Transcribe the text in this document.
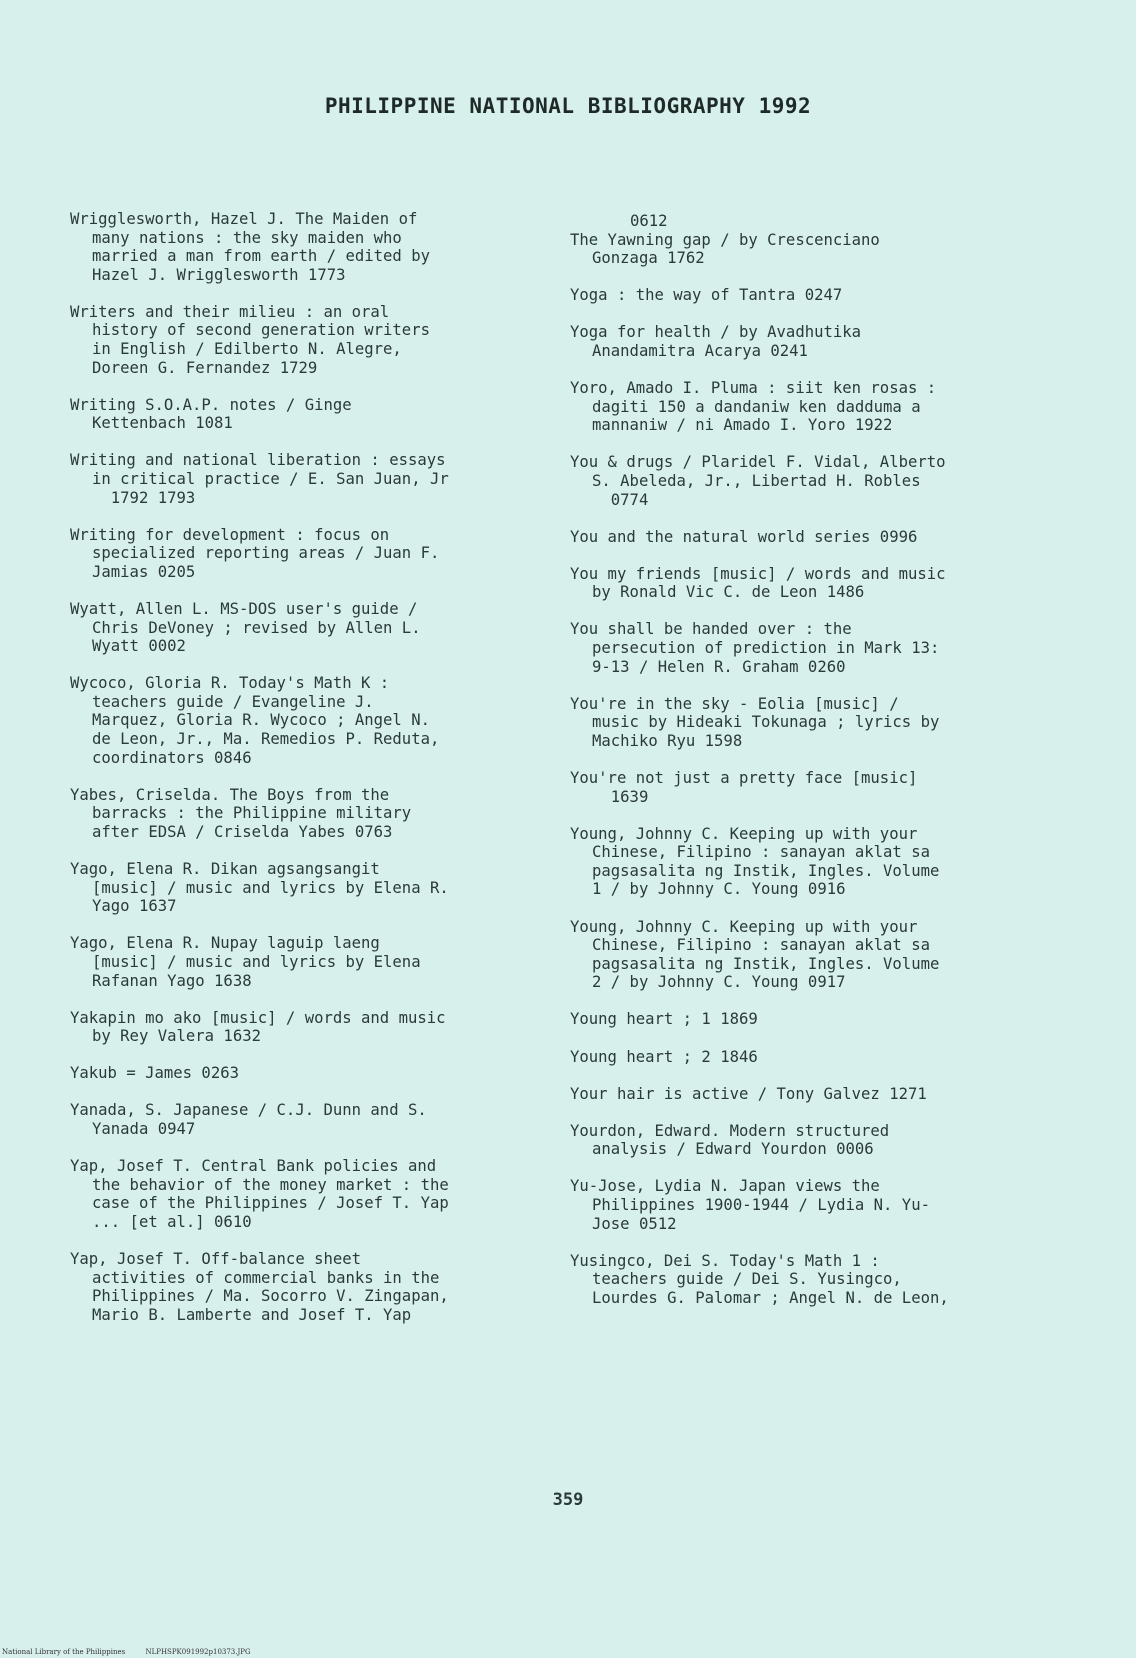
PHILIPPINE NATIONAL BIBLIOGRAPHY 1992

Wrigglesworth, Hazel J. The Maiden of
many nations : the sky maiden who
married a man from earth / edited by
Hazel J. Wrigglesworth 1773

Writers and their milieu : an oral
history of second generation writers
in English / Edilberto N. Alegre,
Doreen G. Fernandez 1729

Writing S.O.A.P. notes / Ginge
Kettenbach 1081

Writing and national liberation : essays
in critical practice / E. San Juan, Jr
1792 1793

Writing for development : focus on
specialized reporting areas / Juan F.
Jamias 0205

Wyatt, Allen L. MS-DOS user's guide /
Chris DeVoney ; revised by Allen L.
Wyatt 0002

Wycoco, Gloria R. Today's Math K :
teachers guide / Evangeline J.
Marquez, Gloria R. Wycoco ; Angel N.
de Leon, Jr., Ma. Remedios P. Reduta,
coordinators 0846

Yabes, Criselda. The Boys from the
barracks : the Philippine military
after EDSA / Criselda Yabes 0763

Yago, Elena R. Dikan agsangsangit
[music] / music and lyrics by Elena R.
Yago 1637

Yago, Elena R. Nupay laguip laeng
[music] / music and lyrics by Elena
Rafanan Yago 1638

Yakapin mo ako [music] / words and music
by Rey Valera 1632

Yakub = James 0263

Yanada, S. Japanese / C.J. Dunn and S.
Yanada 0947

Yap, Josef T. Central Bank policies and
the behavior of the money market : the
case of the Philippines / Josef T. Yap
... [et al.] 0610

Yap, Josef T. Off-balance sheet
activities of commercial banks in the
Philippines / Ma. Socorro V. Zingapan,
Mario B. Lamberte and Josef T. Yap

0612

The Yawning gap / by Crescenciano
Gonzaga 1762

Yoga : the way of Tantra 0247

Yoga for health / by Avadhutika
Anandamitra Acarya 0241

Yoro, Amado I. Pluma : siit ken rosas :
dagiti 150 a dandaniw ken dadduma a
mannaniw / ni Amado I. Yoro 1922

You & drugs / Plaridel F. Vidal, Alberto
S. Abeleda, Jr., Libertad H. Robles
0774

You and the natural world series 0996

You my friends [music] / words and music
by Ronald Vic C. de Leon 1486

You shall be handed over : the
persecution of prediction in Mark 13:
9-13 / Helen R. Graham 0260

You're in the sky - Eolia [music] /
music by Hideaki Tokunaga ; lyrics by
Machiko Ryu 1598

You're not just a pretty face [music]
1639

Young, Johnny C. Keeping up with your
Chinese, Filipino : sanayan aklat sa
pagsasalita ng Instik, Ingles. Volume
1 / by Johnny C. Young 0916

Young, Johnny C. Keeping up with your
Chinese, Filipino : sanayan aklat sa
pagsasalita ng Instik, Ingles. Volume
2 / by Johnny C. Young 0917

Young heart ; 1 1869

Young heart ; 2 1846

Your hair is active / Tony Galvez 1271

Yourdon, Edward. Modern structured
analysis / Edward Yourdon 0006

Yu-Jose, Lydia N. Japan views the
Philippines 1900-1944 / Lydia N. Yu-
Jose 0512

Yusingco, Dei S. Today's Math 1 :
teachers guide / Dei S. Yusingco,
Lourdes G. Palomar ; Angel N. de Leon,

359
National Library of the Philippines	NLPHSPK091992p10373.JPG
